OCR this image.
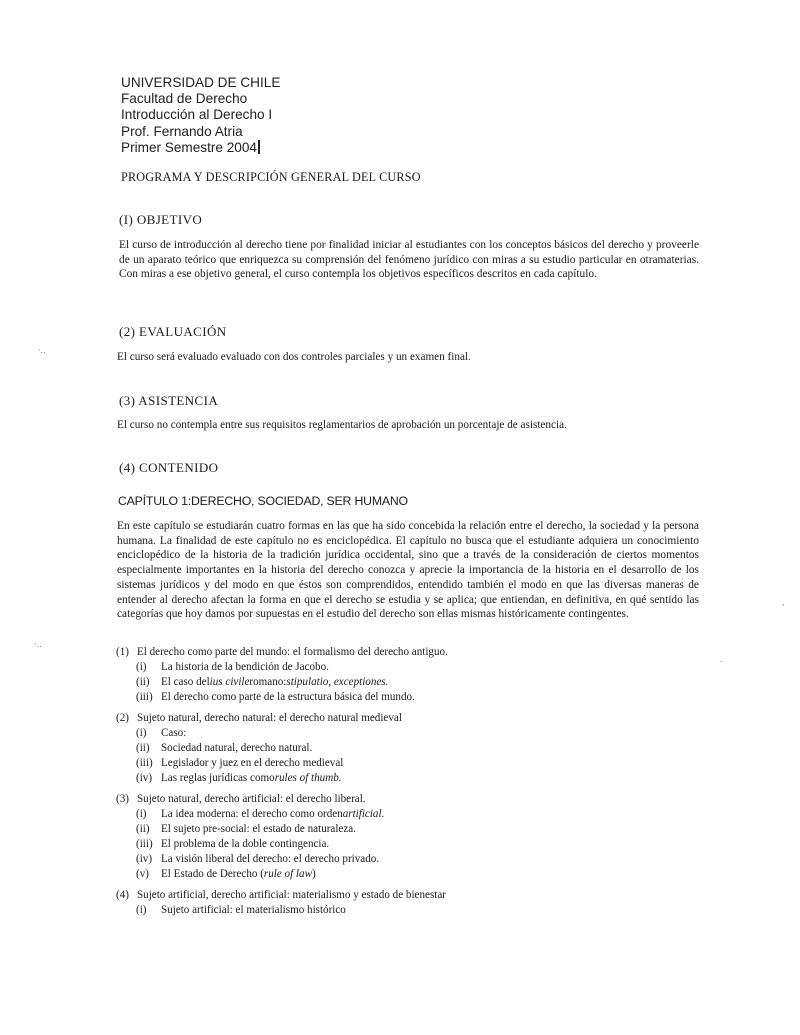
UNIVERSIDAD DE CHILE
Facultad de Derecho
Introducción al Derecho I
Prof. Fernando Atria
Primer Semestre 2004
PROGRAMA Y DESCRIPCIÓN GENERAL DEL CURSO
(I) OBJETIVO
El curso de introducción al derecho tiene por finalidad iniciar al estudiantes con los conceptos básicos del derecho y proveerle de un aparato teórico que enriquezca su comprensión del fenómeno jurídico con miras a su estudio particular en otramaterias. Con miras a ese objetivo general, el curso contempla los objetivos específicos descritos en cada capítulo.
(2) EVALUACIÓN
El curso será evaluado evaluado con dos controles parciales y un examen final.
(3) ASISTENCIA
El curso no contempla entre sus requisitos reglamentarios de aprobación un porcentaje de asistencia.
(4) CONTENIDO
CAPÍTULO 1:DERECHO, SOCIEDAD, SER HUMANO
En este capítulo se estudiarán cuatro formas en las que ha sido concebida la relación entre el derecho, la sociedad y la persona humana. La finalidad de este capítulo no es enciclopédica. El capítulo no busca que el estudiante adquiera un conocimiento enciclopédico de la historia de la tradición jurídica occidental, sino que a través de la consideración de ciertos momentos especialmente importantes en la historia del derecho conozca y aprecie la importancia de la historia en el desarrollo de los sistemas jurídicos y del modo en que éstos son comprendidos, entendido también el modo en que las diversas maneras de entender al derecho afectan la forma en que el derecho se estudia y se aplica; que entiendan, en definitiva, en qué sentido las categorías que hoy damos por supuestas en el estudio del derecho son ellas mismas históricamente contingentes.
(1) El derecho como parte del mundo: el formalismo del derecho antiguo.
(i)	La historia de la bendición de Jacobo.
(ii)	El caso del ius civile romano: stipulatio, exceptiones.
(iii) El derecho como parte de la estructura básica del mundo.
(2) Sujeto natural, derecho natural: el derecho natural medieval
(i)	Caso:
(ii)	Sociedad natural, derecho natural.
(iii) Legislador y juez en el derecho medieval
(iv) Las reglas jurídicas como rules of thumb.
(3) Sujeto natural, derecho artificial: el derecho liberal.
(i)	La idea moderna: el derecho como orden artificial.
(ii)	El sujeto pre-social: el estado de naturaleza.
(iii) El problema de la doble contingencia.
(iv) La visión liberal del derecho: el derecho privado.
(v)	El Estado de Derecho ( rule of law )
(4) Sujeto artificial, derecho artificial: materialismo y estado de bienestar
(i)	Sujeto artificial: el materialismo histórico
·..
·..
'
.
